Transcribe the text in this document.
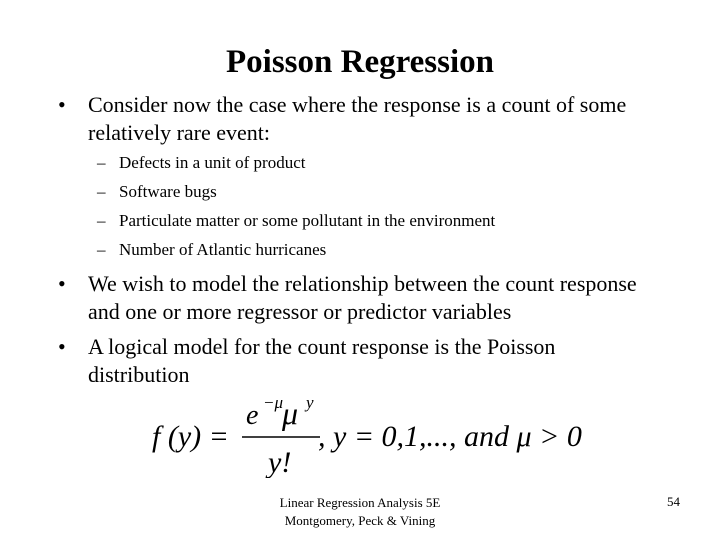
Poisson Regression
• Consider now the case where the response is a count of some relatively rare event:
– Defects in a unit of product
– Software bugs
– Particulate matter or some pollutant in the environment
– Number of Atlantic hurricanes
• We wish to model the relationship between the count response and one or more regressor or predictor variables
• A logical model for the count response is the Poisson distribution
f (y) =
e −μ
μ y
y!
, y = 0,1,..., and μ > 0
Linear Regression Analysis 5E
Montgomery, Peck & Vining
54
